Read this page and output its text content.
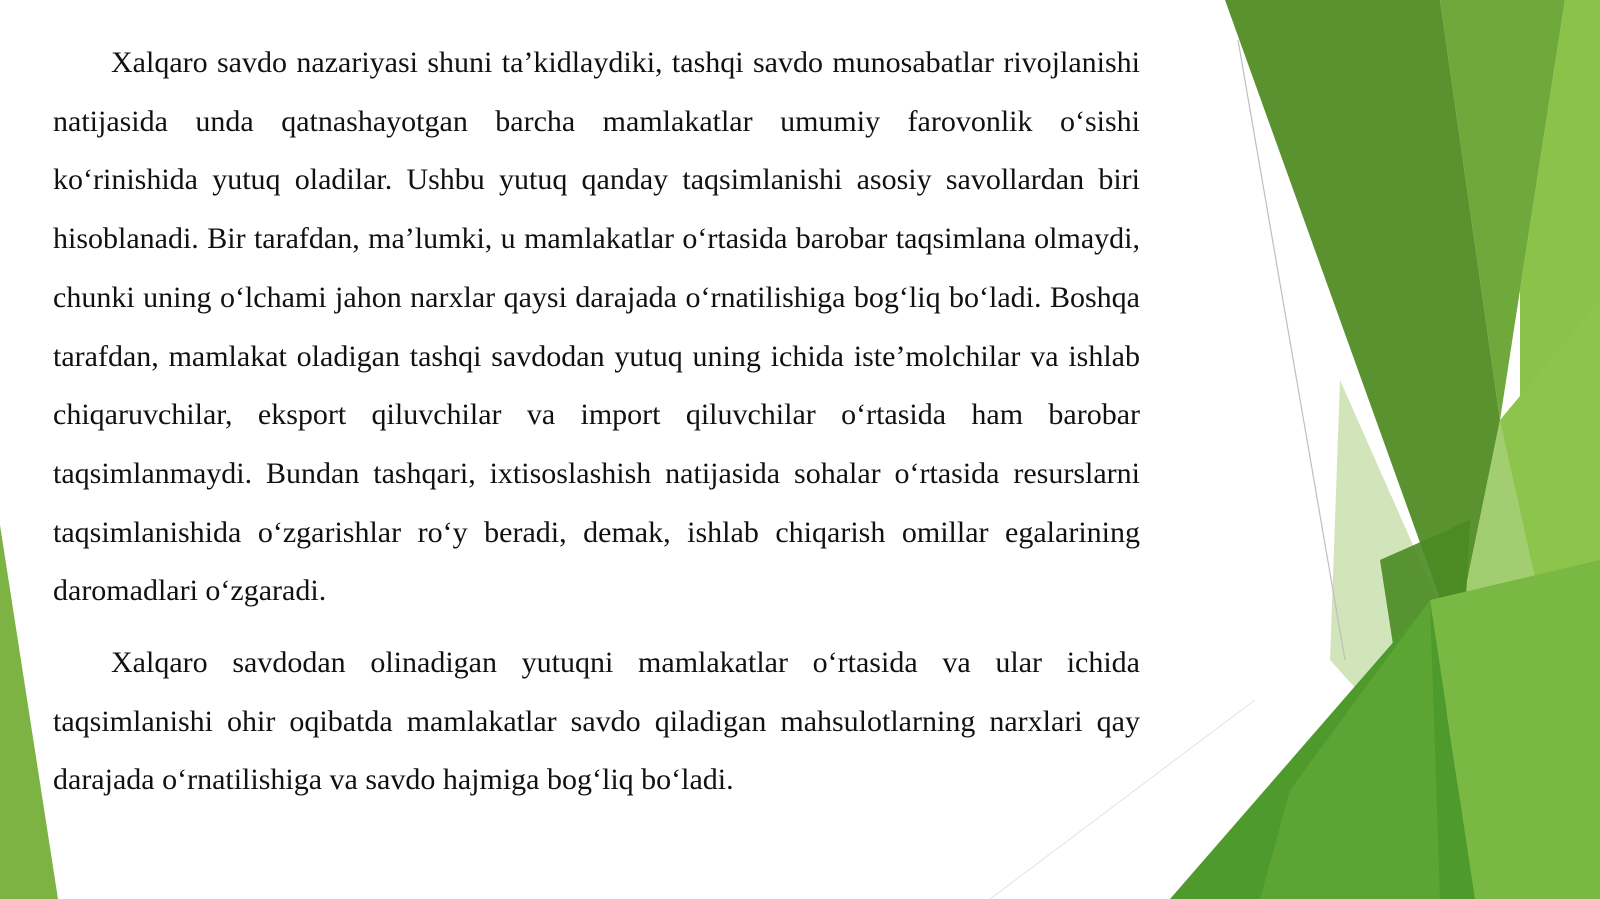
Xalqaro savdo nazariyasi shuni ta’kidlaydiki, tashqi savdo munosabatlar rivojlanishi natijasida unda qatnashayotgan barcha mamlakatlar umumiy farovonlik o‘sishi ko‘rinishida yutuq oladilar. Ushbu yutuq qanday taqsimlanishi asosiy savollardan biri hisoblanadi. Bir tarafdan, ma’lumki, u mamlakatlar o‘rtasida barobar taqsimlana olmaydi, chunki uning o‘lchami jahon narxlar qaysi darajada o‘rnatilishiga bog‘liq bo‘ladi. Boshqa tarafdan, mamlakat oladigan tashqi savdodan yutuq uning ichida iste’molchilar va ishlab chiqaruvchilar, eksport qiluvchilar va import qiluvchilar o‘rtasida ham barobar taqsimlanmaydi. Bundan tashqari, ixtisoslashish natijasida sohalar o‘rtasida resurslarni taqsimlanishida o‘zgarishlar ro‘y beradi, demak, ishlab chiqarish omillar egalarining daromadlari o‘zgaradi.

Xalqaro savdodan olinadigan yutuqni mamlakatlar o‘rtasida va ular ichida taqsimlanishi ohir oqibatda mamlakatlar savdo qiladigan mahsulotlarning narxlari qay darajada o‘rnatilishiga va savdo hajmiga bog‘liq bo‘ladi.
